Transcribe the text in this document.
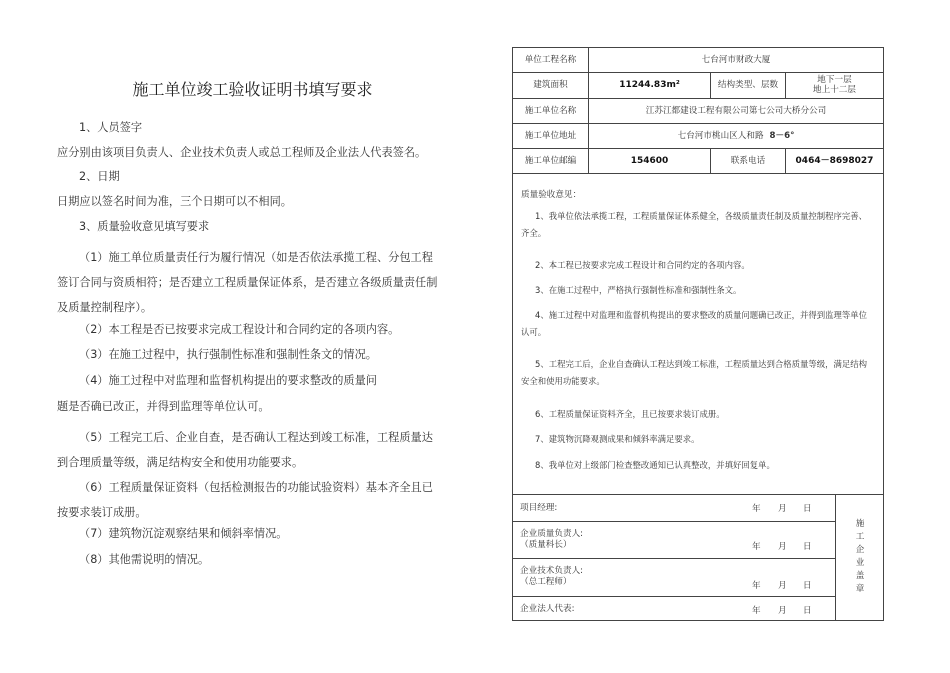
施工单位竣工验收证明书填写要求
1、人员签字
应分别由该项目负责人、企业技术负责人或总工程师及企业法人代表签名。
2、日期
日期应以签名时间为准，三个日期可以不相同。
3、质量验收意见填写要求
（1）施工单位质量责任行为履行情况（如是否依法承揽工程、分包工程签订合同与资质相符；是否建立工程质量保证体系，是否建立各级质量责任制及质量控制程序）。
（2）本工程是否已按要求完成工程设计和合同约定的各项内容。
（3）在施工过程中，执行强制性标准和强制性条文的情况。
（4）施工过程中对监理和监督机构提出的要求整改的质量问
题是否确已改正，并得到监理等单位认可。
（5）工程完工后、企业自查，是否确认工程达到竣工标准，工程质量达到合理质量等级，满足结构安全和使用功能要求。
（6）工程质量保证资料（包括检测报告的功能试验资料）基本齐全且已按要求装订成册。
（7）建筑物沉淀观察结果和倾斜率情况。
（8）其他需说明的情况。
单位工程名称	七台河市财政大厦
建筑面积	11244.83m²	结构类型、层数	地下一层
地上十二层
施工单位名称	江苏江都建设工程有限公司第七公司大桥分公司
施工单位地址	七台河市桃山区人和路 8－6°
施工单位邮编	154600	联系电话	0464－8698027
质量验收意见：
1、我单位依法承揽工程，工程质量保证体系健全，各级质量责任制及质量控制程序完善、齐全。
2、本工程已按要求完成工程设计和合同约定的各项内容。
3、在施工过程中，严格执行强制性标准和强制性条文。
4、施工过程中对监理和监督机构提出的要求整改的质量问题确已改正，并得到监理等单位认可。
5、工程完工后，企业自查确认工程达到竣工标准，工程质量达到合格质量等级，满足结构安全和使用功能要求。
6、工程质量保证资料齐全，且已按要求装订成册。
7、建筑物沉降观测成果和倾斜率满足要求。
8、我单位对上级部门检查整改通知已认真整改，并填好回复单。
项目经理:	年 月 日
企业质量负责人:
（质量科长）	年 月 日
企业技术负责人:
（总工程师）	年 月 日
企业法人代表:	年 月 日
施
工
企
业
盖
章
